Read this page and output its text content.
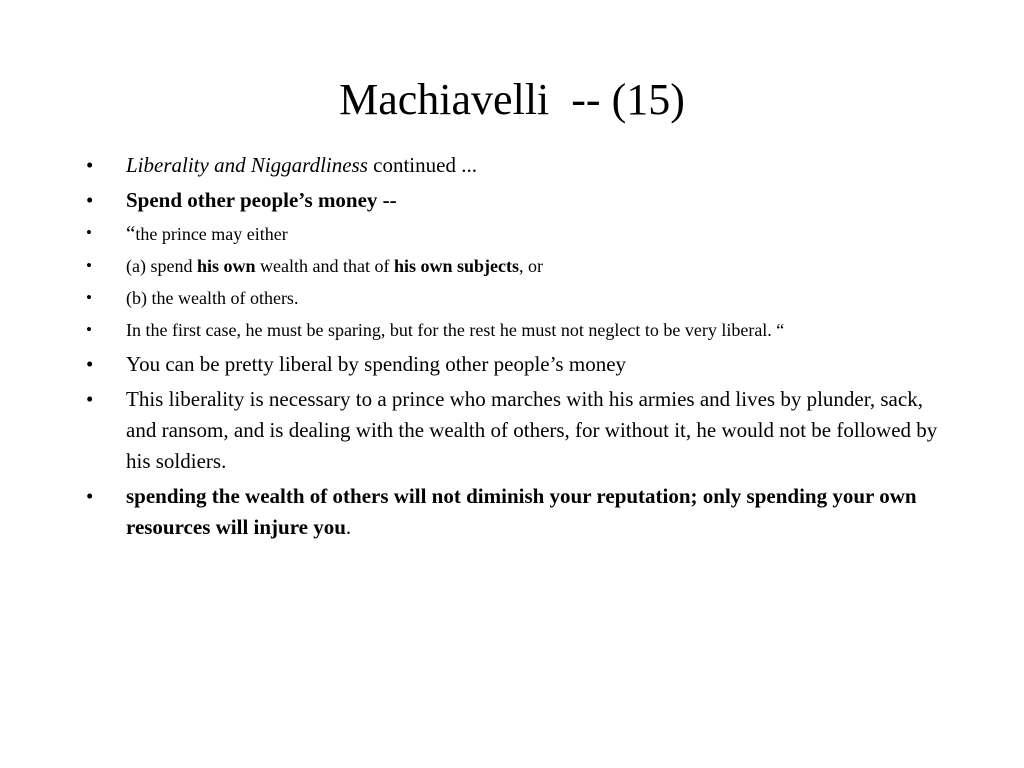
Machiavelli  -- (15)
• Liberality and Niggardliness continued ...
• Spend other people’s money --
• “the prince may either
• (a) spend his own wealth and that of his own subjects, or
• (b) the wealth of others.
• In the first case, he must be sparing, but for the rest he must not neglect to be very liberal. “
• You can be pretty liberal by spending other people’s money
• This liberality is necessary to a prince who marches with his armies and lives by plunder, sack, and ransom, and is dealing with the wealth of others, for without it, he would not be followed by his soldiers.
• spending the wealth of others will not diminish your reputation; only spending your own resources will injure you.
